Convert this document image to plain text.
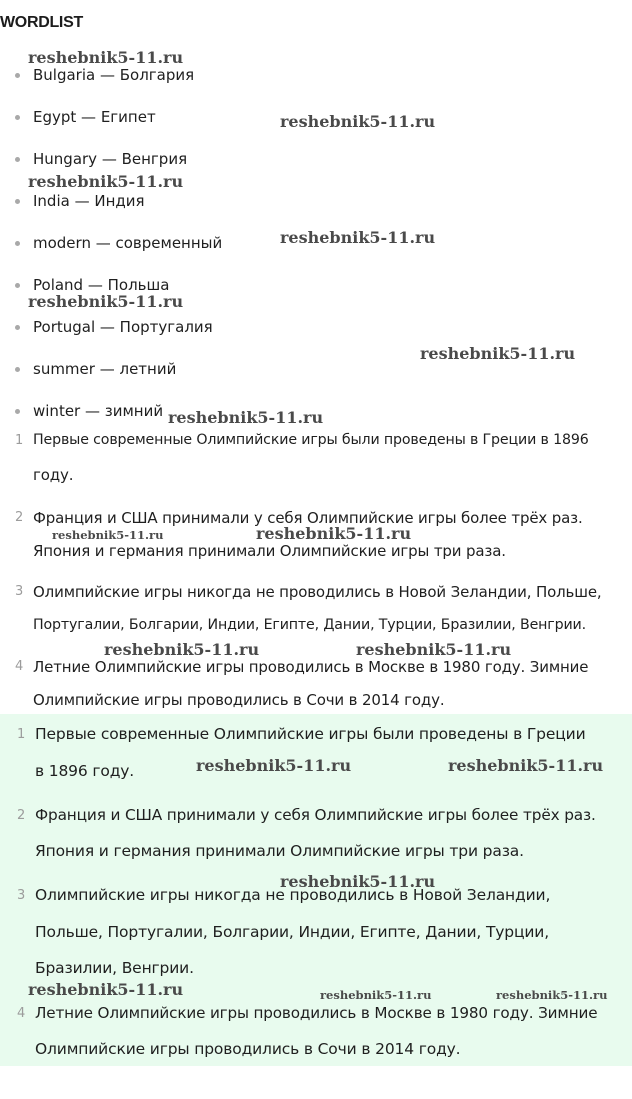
WORDLIST
Bulgaria — Болгария
Egypt — Египет
Hungary — Венгрия
India — Индия
modern — современный
Poland — Польша
Portugal — Португалия
summer — летний
winter — зимний
1 Первые современные Олимпийские игры были проведены в Греции в 1896
году.
2 Франция и США принимали у себя Олимпийские игры более трёх раз.
Япония и германия принимали Олимпийские игры три раза.
3 Олимпийские игры никогда не проводились в Новой Зеландии, Польше,
Португалии, Болгарии, Индии, Египте, Дании, Турции, Бразилии, Венгрии.
4 Летние Олимпийские игры проводились в Москве в 1980 году. Зимние
Олимпийские игры проводились в Сочи в 2014 году.
1 Первые современные Олимпийские игры были проведены в Греции
в 1896 году.
2 Франция и США принимали у себя Олимпийские игры более трёх раз.
Япония и германия принимали Олимпийские игры три раза.
3 Олимпийские игры никогда не проводились в Новой Зеландии,
Польше, Португалии, Болгарии, Индии, Египте, Дании, Турции,
Бразилии, Венгрии.
4 Летние Олимпийские игры проводились в Москве в 1980 году. Зимние
Олимпийские игры проводились в Сочи в 2014 году.
reshebnik5-11.ru
reshebnik5-11.ru
reshebnik5-11.ru
reshebnik5-11.ru
reshebnik5-11.ru
reshebnik5-11.ru
reshebnik5-11.ru
reshebnik5-11.ru	reshebnik5-11.ru
reshebnik5-11.ru	reshebnik5-11.ru
reshebnik5-11.ru	reshebnik5-11.ru
reshebnik5-11.ru
reshebnik5-11.ru	reshebnik5-11.ru	reshebnik5-11.ru
